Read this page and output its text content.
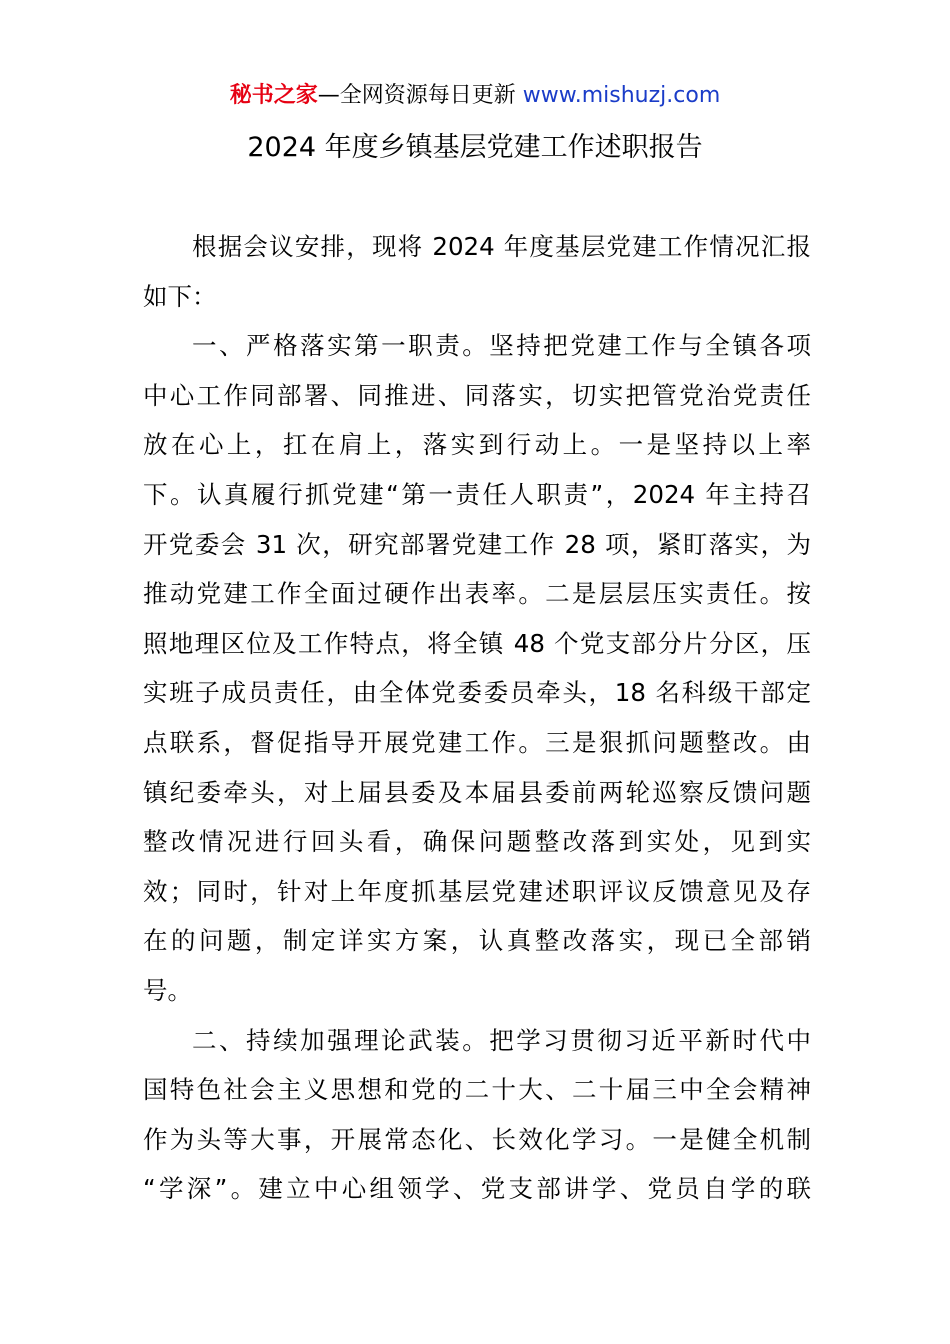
秘书之家—全网资源每日更新 www.mishuzj.com
2024 年度乡镇基层党建工作述职报告
根据会议安排，现将 2024 年度基层党建工作情况汇报
如下：
一、严格落实第一职责。坚持把党建工作与全镇各项
中心工作同部署、同推进、同落实，切实把管党治党责任
放在心上，扛在肩上，落实到行动上。一是坚持以上率
下。认真履行抓党建“第一责任人职责”，2024 年主持召
开党委会 31 次，研究部署党建工作 28 项，紧盯落实，为
推动党建工作全面过硬作出表率。二是层层压实责任。按
照地理区位及工作特点，将全镇 48 个党支部分片分区，压
实班子成员责任，由全体党委委员牵头，18 名科级干部定
点联系，督促指导开展党建工作。三是狠抓问题整改。由
镇纪委牵头，对上届县委及本届县委前两轮巡察反馈问题
整改情况进行回头看，确保问题整改落到实处，见到实
效；同时，针对上年度抓基层党建述职评议反馈意见及存
在的问题，制定详实方案，认真整改落实，现已全部销
号。
二、持续加强理论武装。把学习贯彻习近平新时代中
国特色社会主义思想和党的二十大、二十届三中全会精神
作为头等大事，开展常态化、长效化学习。一是健全机制
“学深”。建立中心组领学、党支部讲学、党员自学的联
